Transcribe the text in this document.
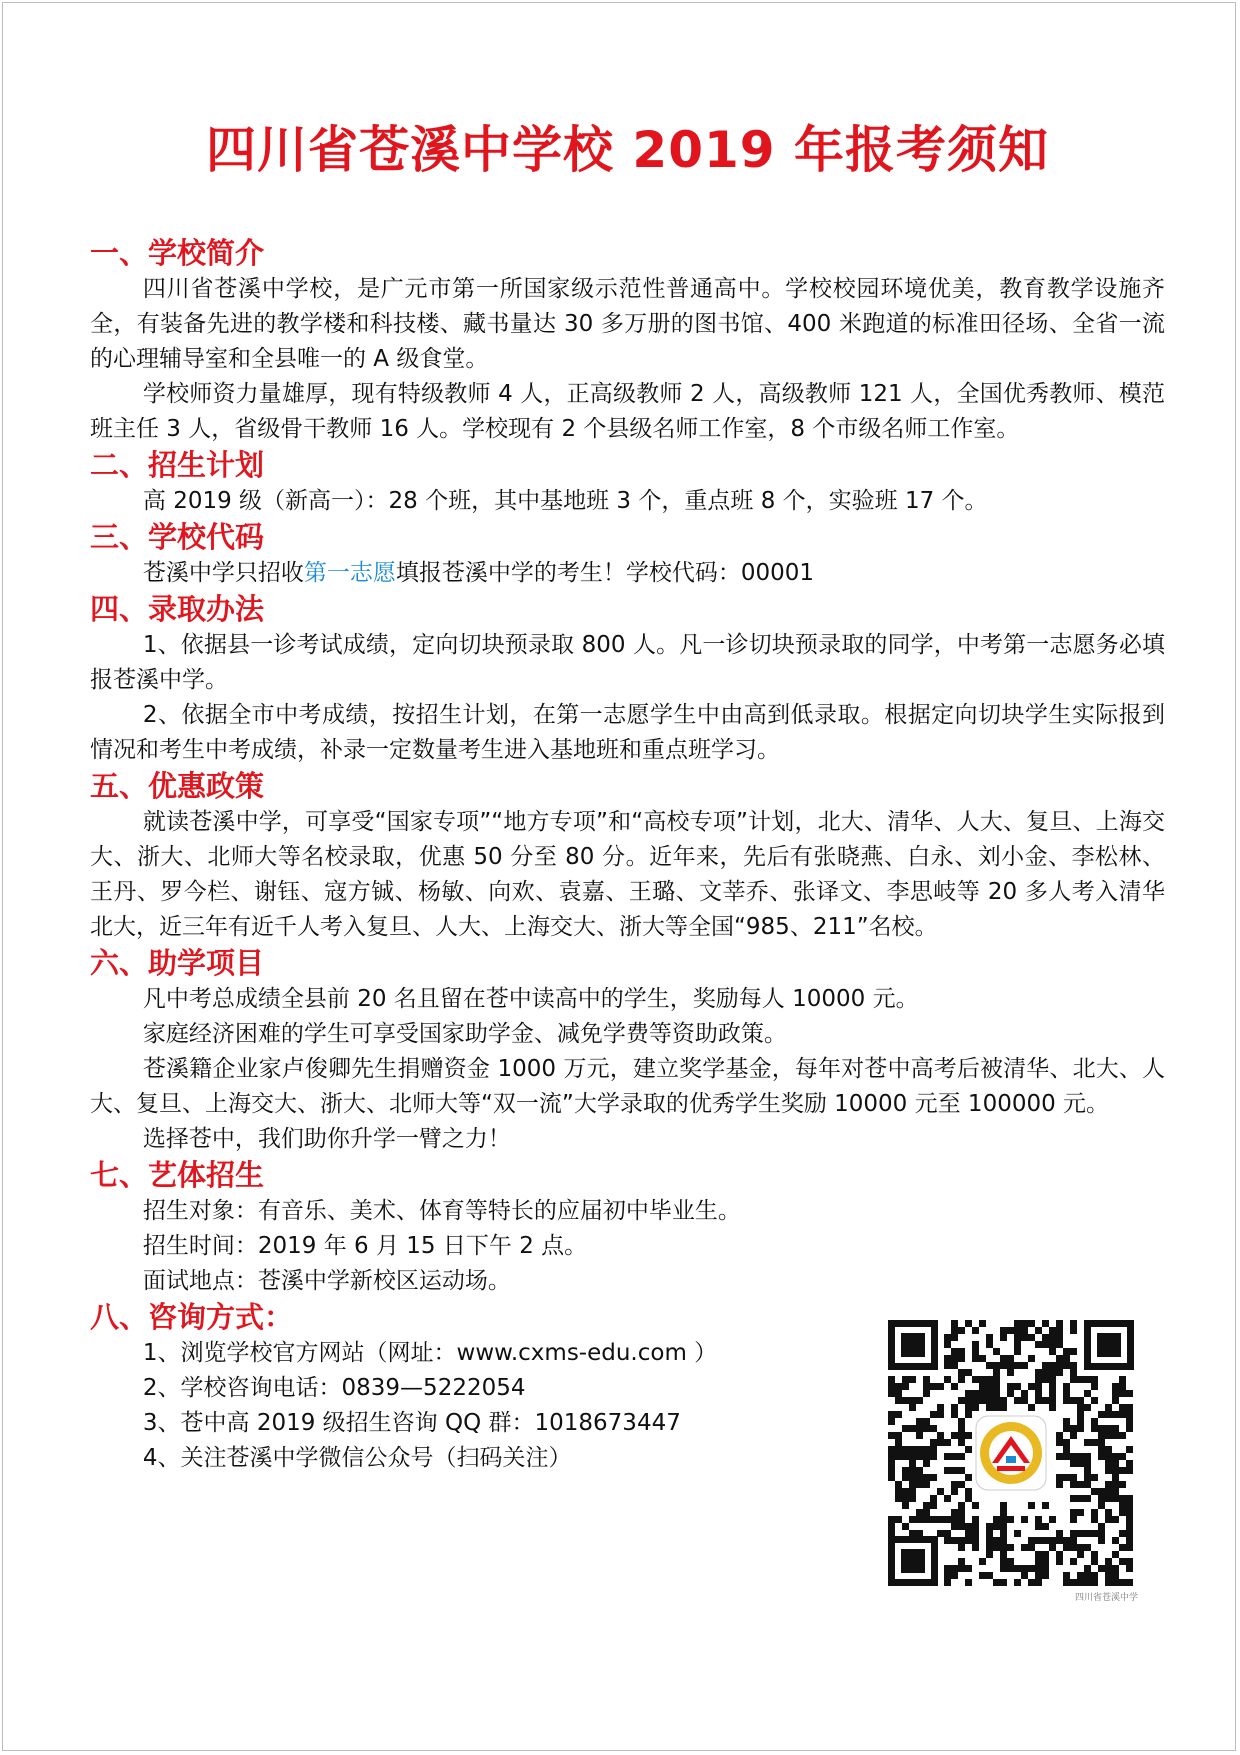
四川省苍溪中学校 2019 年报考须知
一、学校简介

四川省苍溪中学校，是广元市第一所国家级示范性普通高中。学校校园环境优美，教育教学设施齐全，有装备先进的教学楼和科技楼、藏书量达 30 多万册的图书馆、400 米跑道的标准田径场、全省一流的心理辅导室和全县唯一的 A 级食堂。

学校师资力量雄厚，现有特级教师 4 人，正高级教师 2 人，高级教师 121 人，全国优秀教师、模范班主任 3 人，省级骨干教师 16 人。学校现有 2 个县级名师工作室，8 个市级名师工作室。

二、招生计划

高 2019 级（新高一）：28 个班，其中基地班 3 个，重点班 8 个，实验班 17 个。

三、学校代码

苍溪中学只招收第一志愿填报苍溪中学的考生！学校代码：00001

四、录取办法

1、依据县一诊考试成绩，定向切块预录取 800 人。凡一诊切块预录取的同学，中考第一志愿务必填报苍溪中学。

2、依据全市中考成绩，按招生计划，在第一志愿学生中由高到低录取。根据定向切块学生实际报到情况和考生中考成绩，补录一定数量考生进入基地班和重点班学习。

五、优惠政策

就读苍溪中学，可享受“国家专项”“地方专项”和“高校专项”计划，北大、清华、人大、复旦、上海交大、浙大、北师大等名校录取，优惠 50 分至 80 分。近年来，先后有张晓燕、白永、刘小金、李松林、王丹、罗今栏、谢钰、寇方铖、杨敏、向欢、袁嘉、王璐、文莘乔、张译文、李思岐等 20 多人考入清华北大，近三年有近千人考入复旦、人大、上海交大、浙大等全国“985、211”名校。

六、助学项目

凡中考总成绩全县前 20 名且留在苍中读高中的学生，奖励每人 10000 元。

家庭经济困难的学生可享受国家助学金、减免学费等资助政策。

苍溪籍企业家卢俊卿先生捐赠资金 1000 万元，建立奖学基金，每年对苍中高考后被清华、北大、人大、复旦、上海交大、浙大、北师大等“双一流”大学录取的优秀学生奖励 10000 元至 100000 元。

选择苍中，我们助你升学一臂之力！

七、艺体招生

招生对象：有音乐、美术、体育等特长的应届初中毕业生。

招生时间：2019 年 6 月 15 日下午 2 点。

面试地点：苍溪中学新校区运动场。

八、咨询方式：

1、浏览学校官方网站（网址：www.cxms-edu.com ）

2、学校咨询电话：0839—5222054

3、苍中高 2019 级招生咨询 QQ 群：1018673447

4、关注苍溪中学微信公众号（扫码关注）

四川省苍溪中学
